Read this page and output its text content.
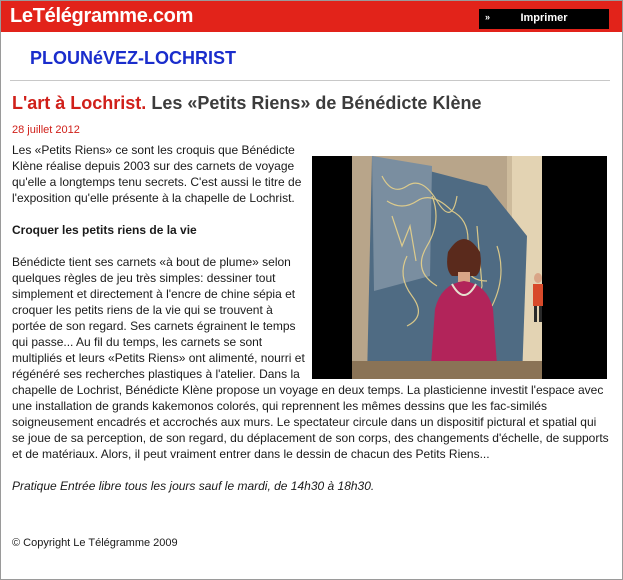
LeTélégramme.com	»	Imprimer
PLOUNéVEZ-LOCHRIST
L'art à Lochrist. Les «Petits Riens» de Bénédicte Klène
28 juillet 2012

Les «Petits Riens» ce sont les croquis que Bénédicte Klène réalise depuis 2003 sur des carnets de voyage qu'elle a longtemps tenu secrets. C'est aussi le titre de l'exposition qu'elle présente à la chapelle de Lochrist.

Croquer les petits riens de la vie

Bénédicte tient ses carnets «à bout de plume» selon quelques règles de jeu très simples: dessiner tout simplement et directement à l'encre de chine sépia et croquer les petits riens de la vie qui se trouvent à portée de son regard. Ses carnets égrainent le temps qui passe... Au fil du temps, les carnets se sont multipliés et leurs «Petits Riens» ont alimenté, nourri et régénéré ses recherches plastiques à l'atelier. Dans la chapelle de Lochrist, Bénédicte Klène propose un voyage en deux temps. La plasticienne investit l'espace avec une installation de grands kakemonos colorés, qui reprennent les mêmes dessins que les fac-similés soigneusement encadrés et accrochés aux murs. Le spectateur circule dans un dispositif pictural et spatial qui se joue de sa perception, de son regard, du déplacement de son corps, des changements d'échelle, de supports et de matériaux. Alors, il peut vraiment entrer dans le dessin de chacun des Petits Riens...

Pratique Entrée libre tous les jours sauf le mardi, de 14h30 à 18h30.

© Copyright Le Télégramme 2009
